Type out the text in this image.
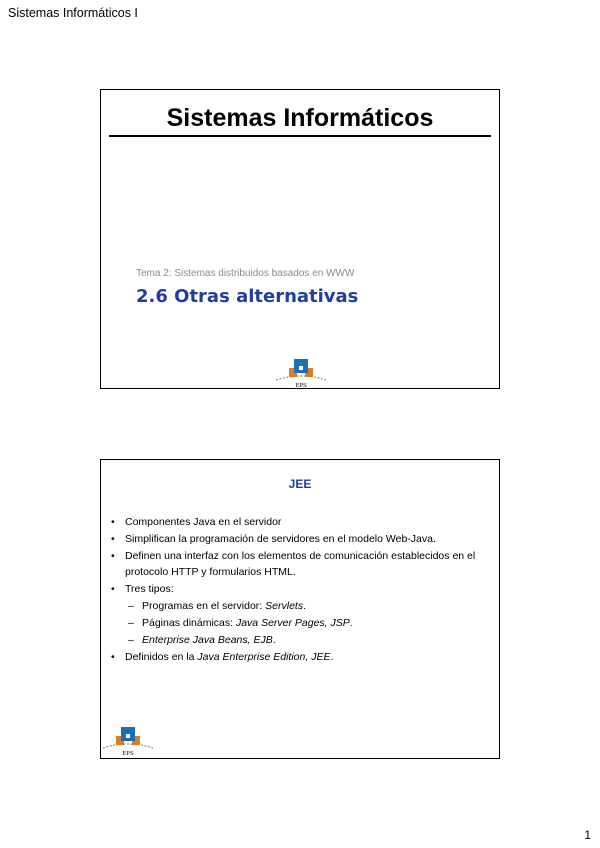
Sistemas Informáticos I
Sistemas Informáticos
Tema 2: Sistemas distribuidos basados en WWW
2.6 Otras alternativas
EPS
JEE
• Componentes Java en el servidor
• Simplifican la programación de servidores en el modelo Web-Java.
• Definen una interfaz con los elementos de comunicación establecidos en el protocolo HTTP y formularios HTML.
• Tres tipos:
– Programas en el servidor: Servlets.
– Páginas dinámicas: Java Server Pages, JSP.
– Enterprise Java Beans, EJB.
• Definidos en la Java Enterprise Edition, JEE.
EPS
1
